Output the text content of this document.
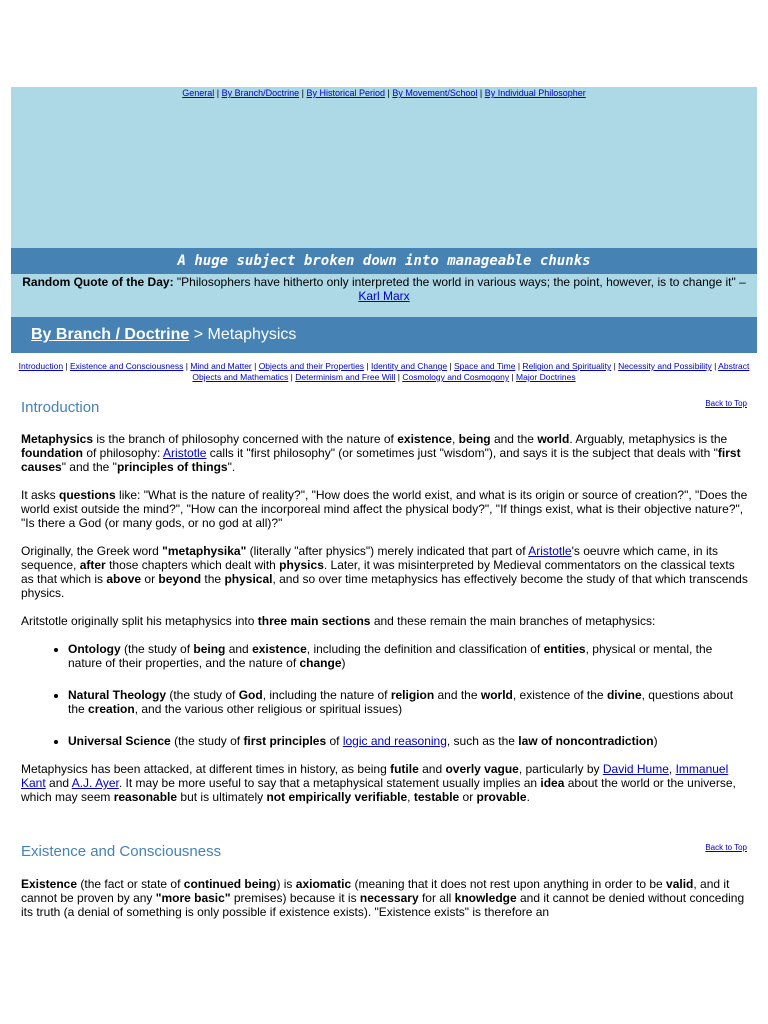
General | By Branch/Doctrine | By Historical Period | By Movement/School | By Individual Philosopher
A huge subject broken down into manageable chunks
Random Quote of the Day: "Philosophers have hitherto only interpreted the world in various ways; the point, however, is to change it" – Karl Marx
By Branch / Doctrine > Metaphysics
Introduction | Existence and Consciousness | Mind and Matter | Objects and their Properties | Identity and Change | Space and Time | Religion and Spirituality | Necessity and Possibility | Abstract Objects and Mathematics | Determinism and Free Will | Cosmology and Cosmogony | Major Doctrines
Introduction	Back to Top

Metaphysics is the branch of philosophy concerned with the nature of existence, being and the world. Arguably, metaphysics is the foundation of philosophy: Aristotle calls it "first philosophy" (or sometimes just "wisdom"), and says it is the subject that deals with "first causes" and the "principles of things".

It asks questions like: "What is the nature of reality?", "How does the world exist, and what is its origin or source of creation?", "Does the world exist outside the mind?", "How can the incorporeal mind affect the physical body?", "If things exist, what is their objective nature?", "Is there a God (or many gods, or no god at all)?"

Originally, the Greek word "metaphysika" (literally "after physics") merely indicated that part of Aristotle's oeuvre which came, in its sequence, after those chapters which dealt with physics. Later, it was misinterpreted by Medieval commentators on the classical texts as that which is above or beyond the physical, and so over time metaphysics has effectively become the study of that which transcends physics.

Aritstotle originally split his metaphysics into three main sections and these remain the main branches of metaphysics:

• Ontology (the study of being and existence, including the definition and classification of entities, physical or mental, the nature of their properties, and the nature of change)
• Natural Theology (the study of God, including the nature of religion and the world, existence of the divine, questions about the creation, and the various other religious or spiritual issues)
• Universal Science (the study of first principles of logic and reasoning, such as the law of noncontradiction)

Metaphysics has been attacked, at different times in history, as being futile and overly vague, particularly by David Hume, Immanuel Kant and A.J. Ayer. It may be more useful to say that a metaphysical statement usually implies an idea about the world or the universe, which may seem reasonable but is ultimately not empirically verifiable, testable or provable.

Existence and Consciousness	Back to Top

Existence (the fact or state of continued being) is axiomatic (meaning that it does not rest upon anything in order to be valid, and it cannot be proven by any "more basic" premises) because it is necessary for all knowledge and it cannot be denied without conceding its truth (a denial of something is only possible if existence exists). "Existence exists" is therefore an
